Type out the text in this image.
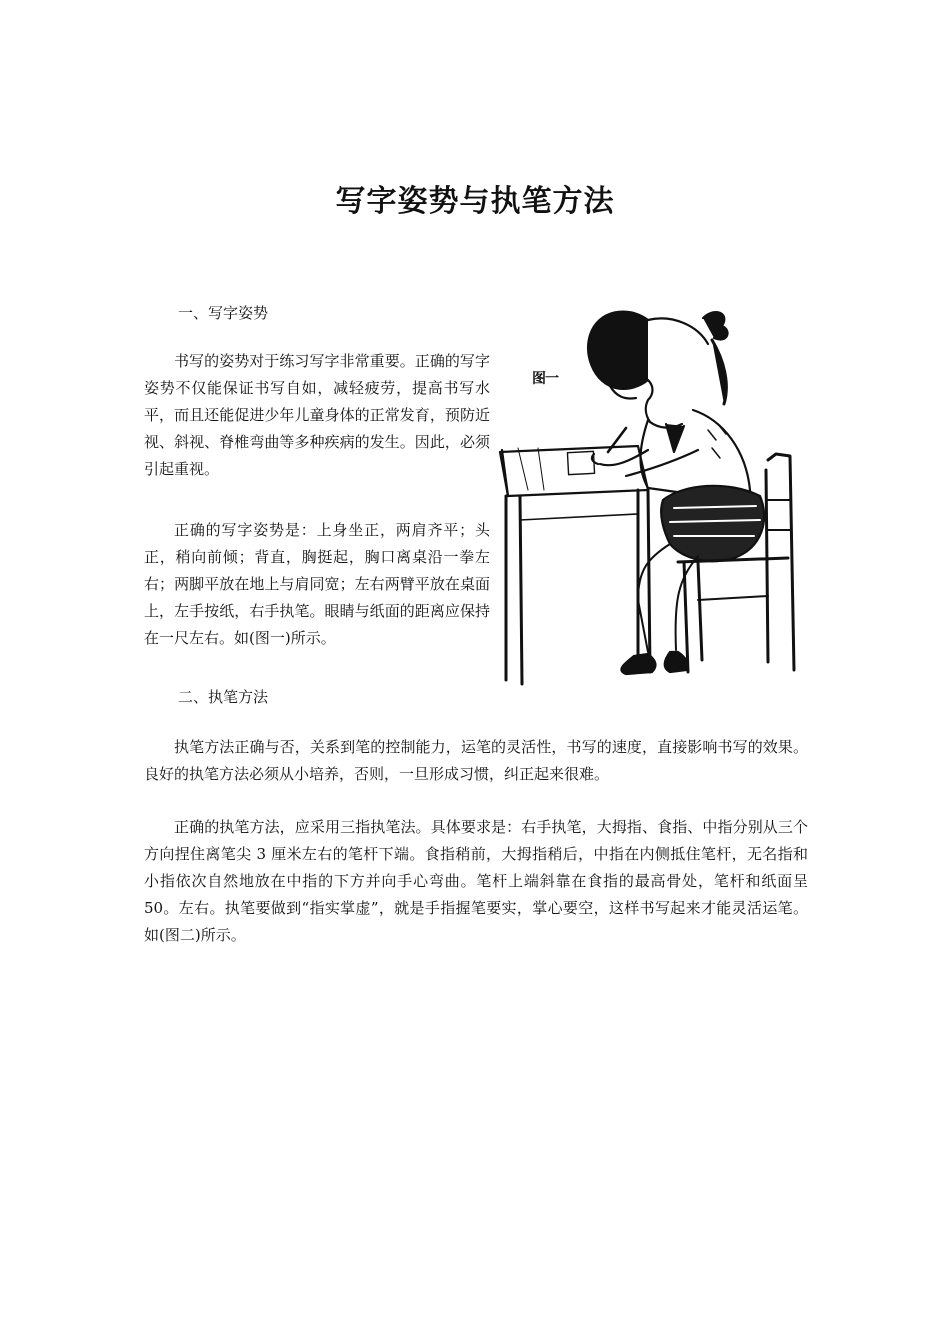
写字姿势与执笔方法

一、写字姿势

书写的姿势对于练习写字非常重要。正确的写字姿势不仅能保证书写自如，减轻疲劳，提高书写水平，而且还能促进少年儿童身体的正常发育，预防近视、斜视、脊椎弯曲等多种疾病的发生。因此，必须引起重视。

正确的写字姿势是：上身坐正，两肩齐平；头正，稍向前倾；背直，胸挺起，胸口离桌沿一拳左右；两脚平放在地上与肩同宽；左右两臂平放在桌面上，左手按纸，右手执笔。眼睛与纸面的距离应保持在一尺左右。如(图一)所示。

图一

二、执笔方法

执笔方法正确与否，关系到笔的控制能力，运笔的灵活性，书写的速度，直接影响书写的效果。良好的执笔方法必须从小培养，否则，一旦形成习惯，纠正起来很难。

正确的执笔方法，应采用三指执笔法。具体要求是：右手执笔，大拇指、食指、中指分别从三个方向捏住离笔尖 3 厘米左右的笔杆下端。食指稍前，大拇指稍后，中指在内侧抵住笔杆，无名指和小指依次自然地放在中指的下方并向手心弯曲。笔杆上端斜靠在食指的最高骨处，笔杆和纸面呈 50。左右。执笔要做到“指实掌虚”，就是手指握笔要实，掌心要空，这样书写起来才能灵活运笔。如(图二)所示。
